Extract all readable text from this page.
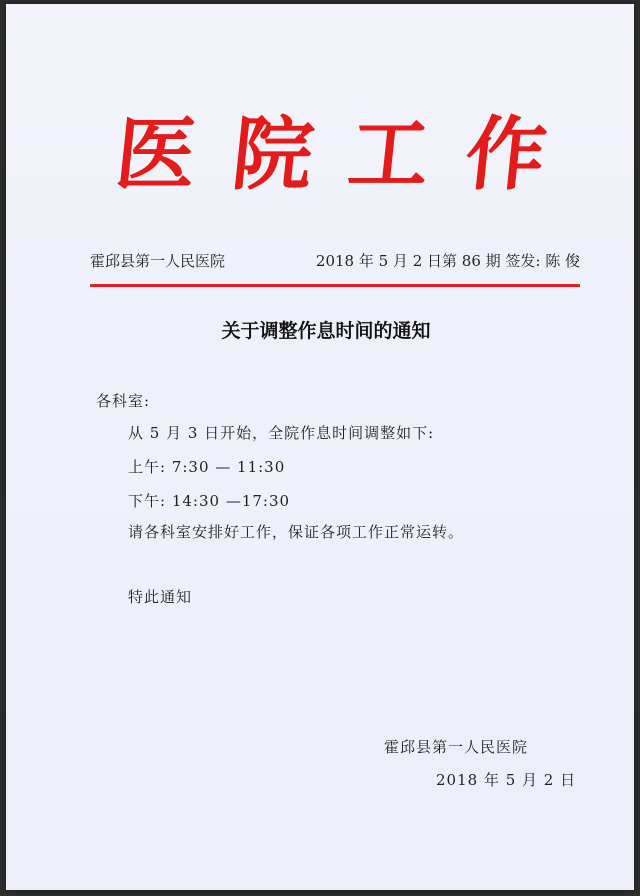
医 院 工 作
霍邱县第一人民医院	2018 年 5 月 2 日第 86 期 签发: 陈 俊
关于调整作息时间的通知
各科室:
从 5 月 3 日开始，全院作息时间调整如下:
上午: 7:30 — 11:30
下午: 14:30 —17:30
请各科室安排好工作，保证各项工作正常运转。
特此通知
霍邱县第一人民医院
2018 年 5 月 2 日
